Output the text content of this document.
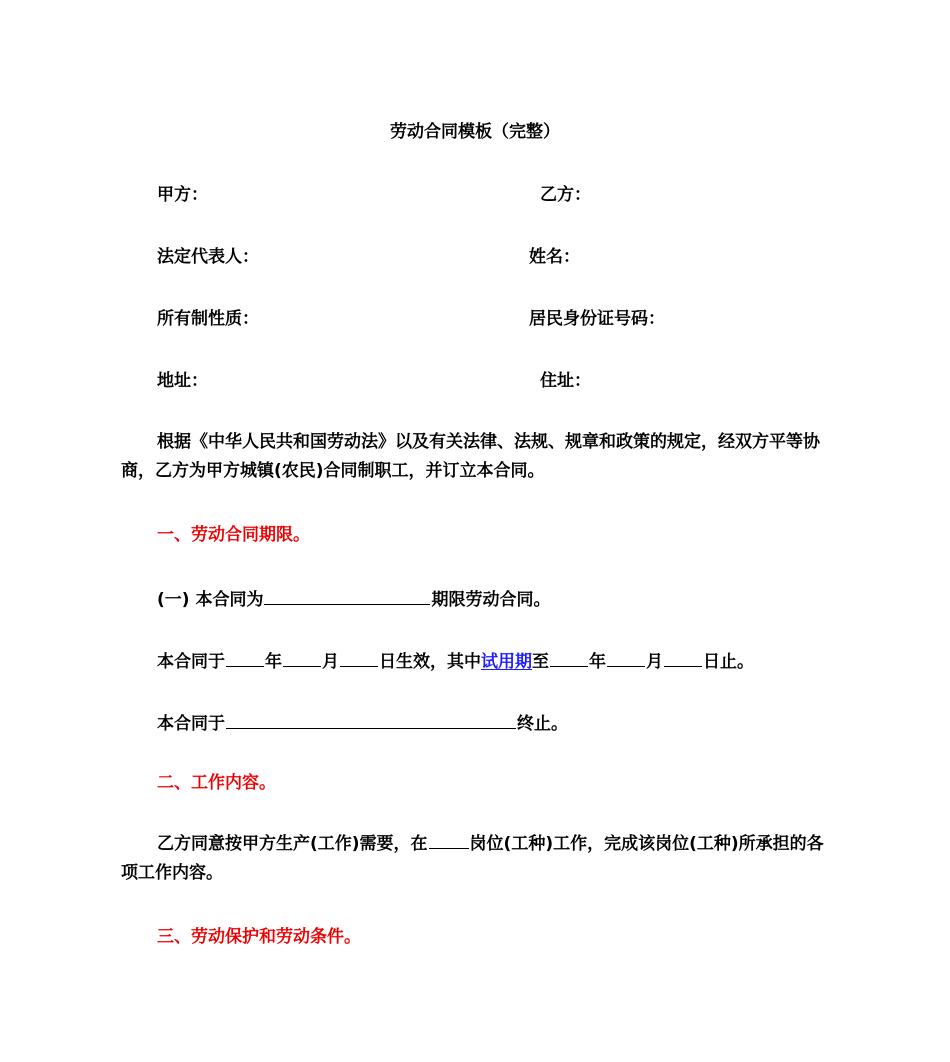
劳动合同模板（完整）
甲方：	乙方：
法定代表人：	姓名：
所有制性质：	居民身份证号码：
地址：	住址：
根据《中华人民共和国劳动法》以及有关法律、法规、规章和政策的规定，经双方平等协商，乙方为甲方城镇(农民)合同制职工，并订立本合同。
一、劳动合同期限。
(一) 本合同为	期限劳动合同。
本合同于 年 月 日生效，其中试用期至 年 月 日止。
本合同于	终止。
二、工作内容。
乙方同意按甲方生产(工作)需要，在 岗位(工种)工作，完成该岗位(工种)所承担的各项工作内容。
三、劳动保护和劳动条件。
